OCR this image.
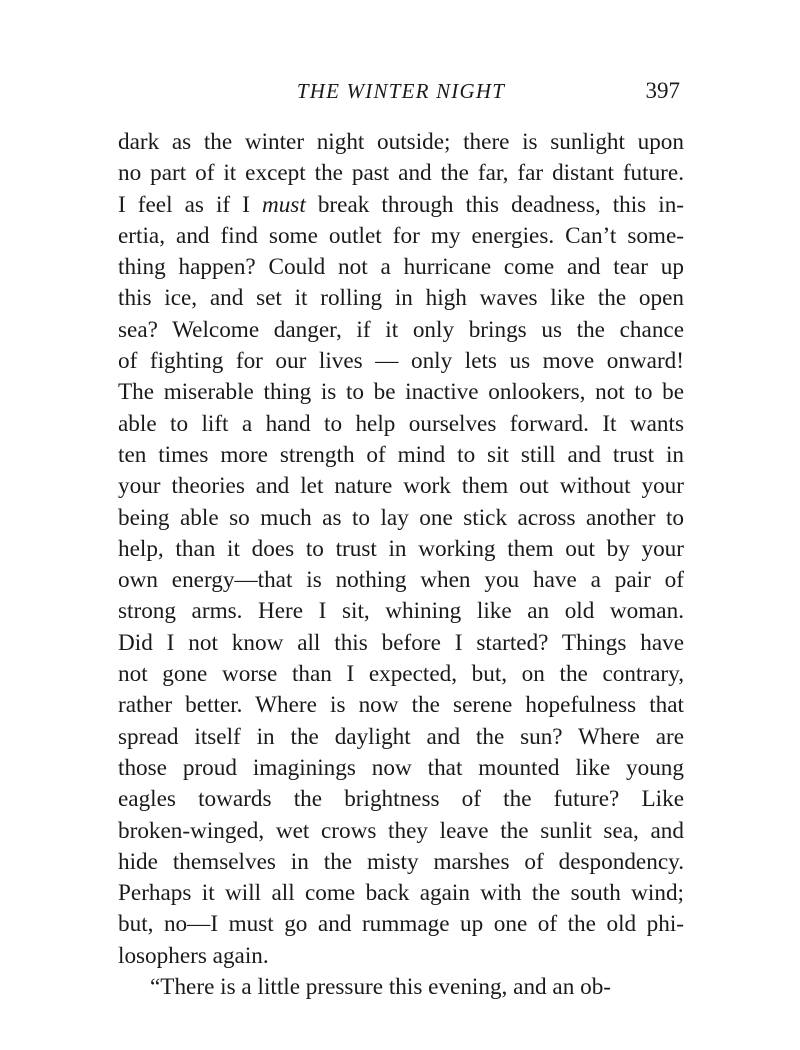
THE WINTER NIGHT	397
dark as the winter night outside; there is sunlight upon
no part of it except the past and the far, far distant future.
I feel as if I must break through this deadness, this in-
ertia, and find some outlet for my energies. Can’t some-
thing happen? Could not a hurricane come and tear up
this ice, and set it rolling in high waves like the open
sea? Welcome danger, if it only brings us the chance
of fighting for our lives — only lets us move onward!
The miserable thing is to be inactive onlookers, not to be
able to lift a hand to help ourselves forward. It wants
ten times more strength of mind to sit still and trust in
your theories and let nature work them out without your
being able so much as to lay one stick across another to
help, than it does to trust in working them out by your
own energy—that is nothing when you have a pair of
strong arms. Here I sit, whining like an old woman.
Did I not know all this before I started? Things have
not gone worse than I expected, but, on the contrary,
rather better. Where is now the serene hopefulness that
spread itself in the daylight and the sun? Where are
those proud imaginings now that mounted like young
eagles towards the brightness of the future? Like
broken-winged, wet crows they leave the sunlit sea, and
hide themselves in the misty marshes of despondency.
Perhaps it will all come back again with the south wind;
but, no—I must go and rummage up one of the old phi-
losophers again.
“There is a little pressure this evening, and an ob-
